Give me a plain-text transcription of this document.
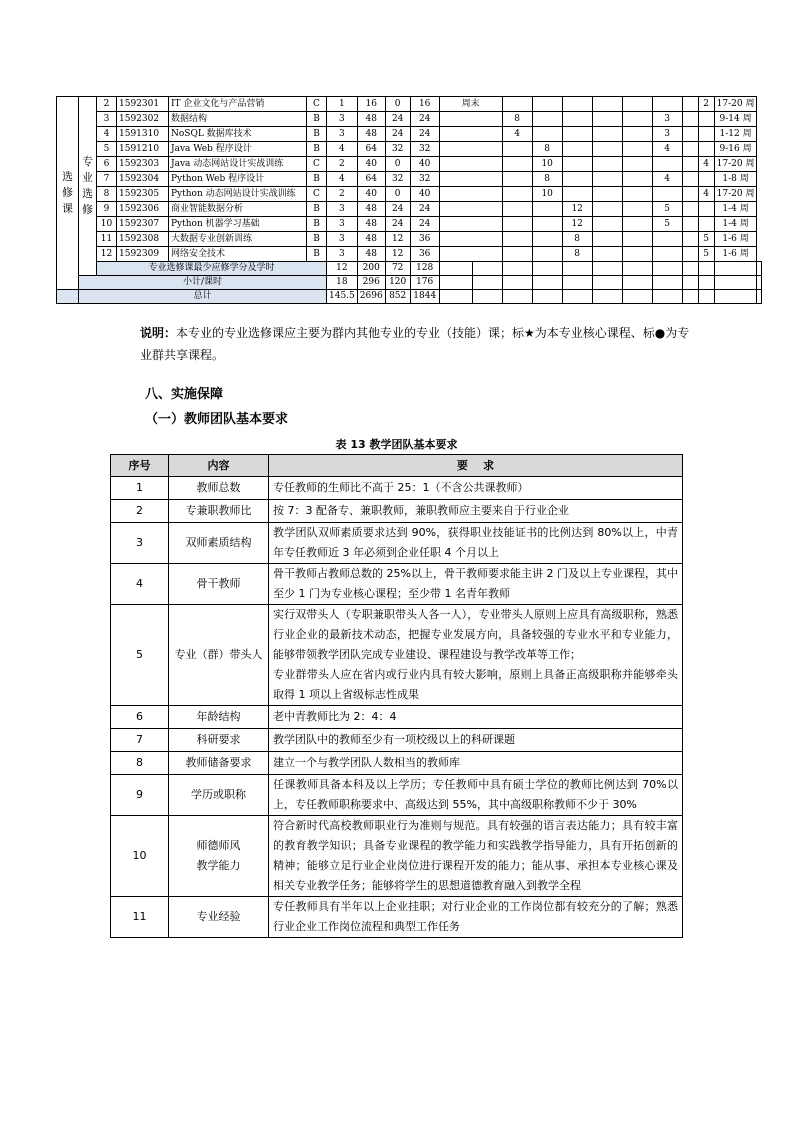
选修课	专业选修	2	1592301	IT 企业文化与产品营销	C	1	16	0	16	周末									2	17-20 周	
		3	1592302	数据结构	B	3	48	24	24			8					3			9-14 周	
		4	1591310	NoSQL 数据库技术	B	3	48	24	24			4					3			1-12 周	
		5	1591210	Java Web 程序设计	B	4	64	32	32				8				4			9-16 周	
		6	1592303	Java 动态网站设计实战训练	C	2	40	0	40				10						4	17-20 周	
		7	1592304	Python Web 程序设计	B	4	64	32	32				8				4			1-8 周	
		8	1592305	Python 动态网站设计实战训练	C	2	40	0	40				10						4	17-20 周	
		9	1592306	商业智能数据分析	B	3	48	24	24					12			5			1-4 周	
		10	1592307	Python 机器学习基础	B	3	48	24	24					12			5			1-4 周	
		11	1592308	大数据专业创新训练	B	3	48	12	36					8					5	1-6 周	
		12	1592309	网络安全技术	B	3	48	12	36					8					5	1-6 周	
		专业选修课最少应修学分及学时				12	200	72	128												
	小计/课时					18	296	120	176												
	总计					145.5	2696	852	1844												
说明：本专业的专业选修课应主要为群内其他专业的专业（技能）课；标★为本专业核心课程、标●为专业群共享课程。
八、实施保障
（一）教师团队基本要求
表 13 教学团队基本要求
序号	内容	要    求
1	教师总数	专任教师的生师比不高于 25：1（不含公共课教师）

2	专兼职教师比	按 7：3 配备专、兼职教师，兼职教师应主要来自于行业企业

3	双师素质结构	教学团队双师素质要求达到 90%，获得职业技能证书的比例达到 80%以上，中青年专任教师近 3 年必须到企业任职 4 个月以上

4	骨干教师	骨干教师占教师总数的 25%以上，骨干教师要求能主讲 2 门及以上专业课程，其中至少 1 门为专业核心课程；至少带 1 名青年教师

5	专业（群）带头人	实行双带头人（专职兼职带头人各一人），专业带头人原则上应具有高级职称，熟悉行业企业的最新技术动态，把握专业发展方向，具备较强的专业水平和专业能力，能够带领教学团队完成专业建设、课程建设与教学改革等工作；
专业群带头人应在省内或行业内具有较大影响，原则上具备正高级职称并能够牵头取得 1 项以上省级标志性成果

6	年龄结构	老中青教师比为 2：4：4

7	科研要求	教学团队中的教师至少有一项校级以上的科研课题

8	教师储备要求	建立一个与教学团队人数相当的教师库

9	学历或职称	任课教师具备本科及以上学历；专任教师中具有硕士学位的教师比例达到 70%以上，专任教师职称要求中、高级达到 55%，其中高级职称教师不少于 30%

10	师德师风
教学能力	符合新时代高校教师职业行为准则与规范。具有较强的语言表达能力；具有较丰富的教育教学知识；具备专业课程的教学能力和实践教学指导能力，具有开拓创新的精神；能够立足行业企业岗位进行课程开发的能力；能从事、承担本专业核心课及相关专业教学任务；能够将学生的思想道德教育融入到教学全程

11	专业经验	专任教师具有半年以上企业挂职；对行业企业的工作岗位都有较充分的了解；熟悉行业企业工作岗位流程和典型工作任务
